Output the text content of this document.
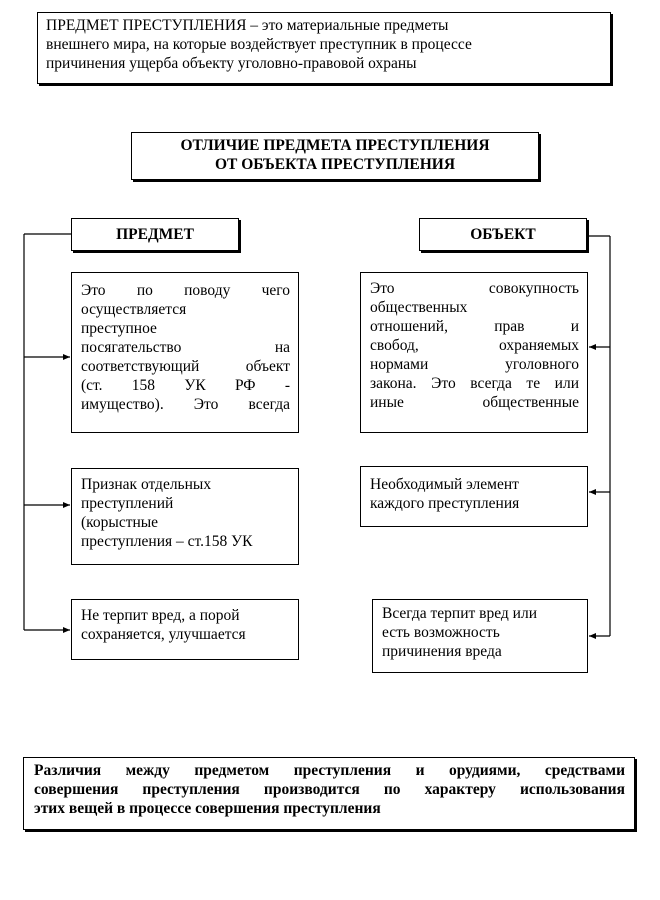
ПРЕДМЕТ ПРЕСТУПЛЕНИЯ – это материальные предметы
внешнего мира, на которые воздействует преступник в процессе
причинения ущерба объекту уголовно-правовой охраны
ОТЛИЧИЕ ПРЕДМЕТА ПРЕСТУПЛЕНИЯ
ОТ ОБЪЕКТА ПРЕСТУПЛЕНИЯ
ПРЕДМЕТ	ОБЪЕКТ
Это по поводу чего
осуществляется
преступное
посягательство на
соответствующий объект
(ст. 158 УК РФ -
имущество). Это всегда
Признак отдельных
преступлений
(корыстные
преступления – ст.158 УК
Не терпит вред, а порой
сохраняется, улучшается
Это совокупность
общественных
отношений, прав и
свобод, охраняемых
нормами уголовного
закона. Это всегда те или
иные общественные
Необходимый элемент
каждого преступления
Всегда терпит вред или
есть возможность
причинения вреда
Различия между предметом преступления и орудиями, средствами
совершения преступления производится по характеру использования
этих вещей в процессе совершения преступления
